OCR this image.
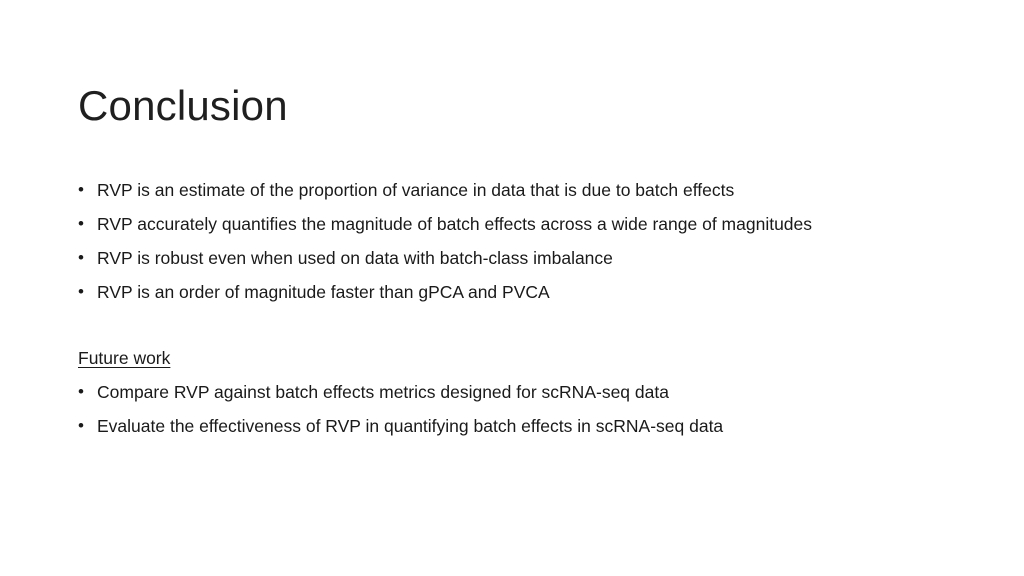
Conclusion
• RVP is an estimate of the proportion of variance in data that is due to batch effects
• RVP accurately quantifies the magnitude of batch effects across a wide range of magnitudes
• RVP is robust even when used on data with batch-class imbalance
• RVP is an order of magnitude faster than gPCA and PVCA
Future work
• Compare RVP against batch effects metrics designed for scRNA-seq data
• Evaluate the effectiveness of RVP in quantifying batch effects in scRNA-seq data
